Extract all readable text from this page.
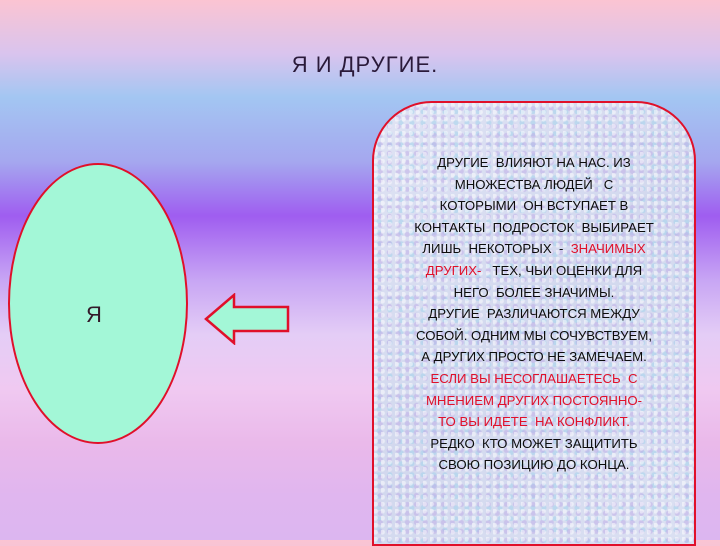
Я И ДРУГИЕ.
Я
ДРУГИЕ  ВЛИЯЮТ НА НАС. ИЗ
МНОЖЕСТВА ЛЮДЕЙ   С
КОТОРЫМИ  ОН ВСТУПАЕТ В
КОНТАКТЫ  ПОДРОСТОК  ВЫБИРАЕТ
ЛИШЬ  НЕКОТОРЫХ  -  ЗНАЧИМЫХ
ДРУГИХ-   ТЕХ, ЧЬИ ОЦЕНКИ ДЛЯ
НЕГО  БОЛЕЕ ЗНАЧИМЫ.
ДРУГИЕ  РАЗЛИЧАЮТСЯ МЕЖДУ
СОБОЙ. ОДНИМ МЫ СОЧУВСТВУЕМ,
А ДРУГИХ ПРОСТО НЕ ЗАМЕЧАЕМ.
ЕСЛИ ВЫ НЕСОГЛАШАЕТЕСЬ  С
МНЕНИЕМ ДРУГИХ ПОСТОЯННО-
ТО ВЫ ИДЕТЕ  НА КОНФЛИКТ.
РЕДКО  КТО МОЖЕТ ЗАЩИТИТЬ
СВОЮ ПОЗИЦИЮ ДО КОНЦА.
